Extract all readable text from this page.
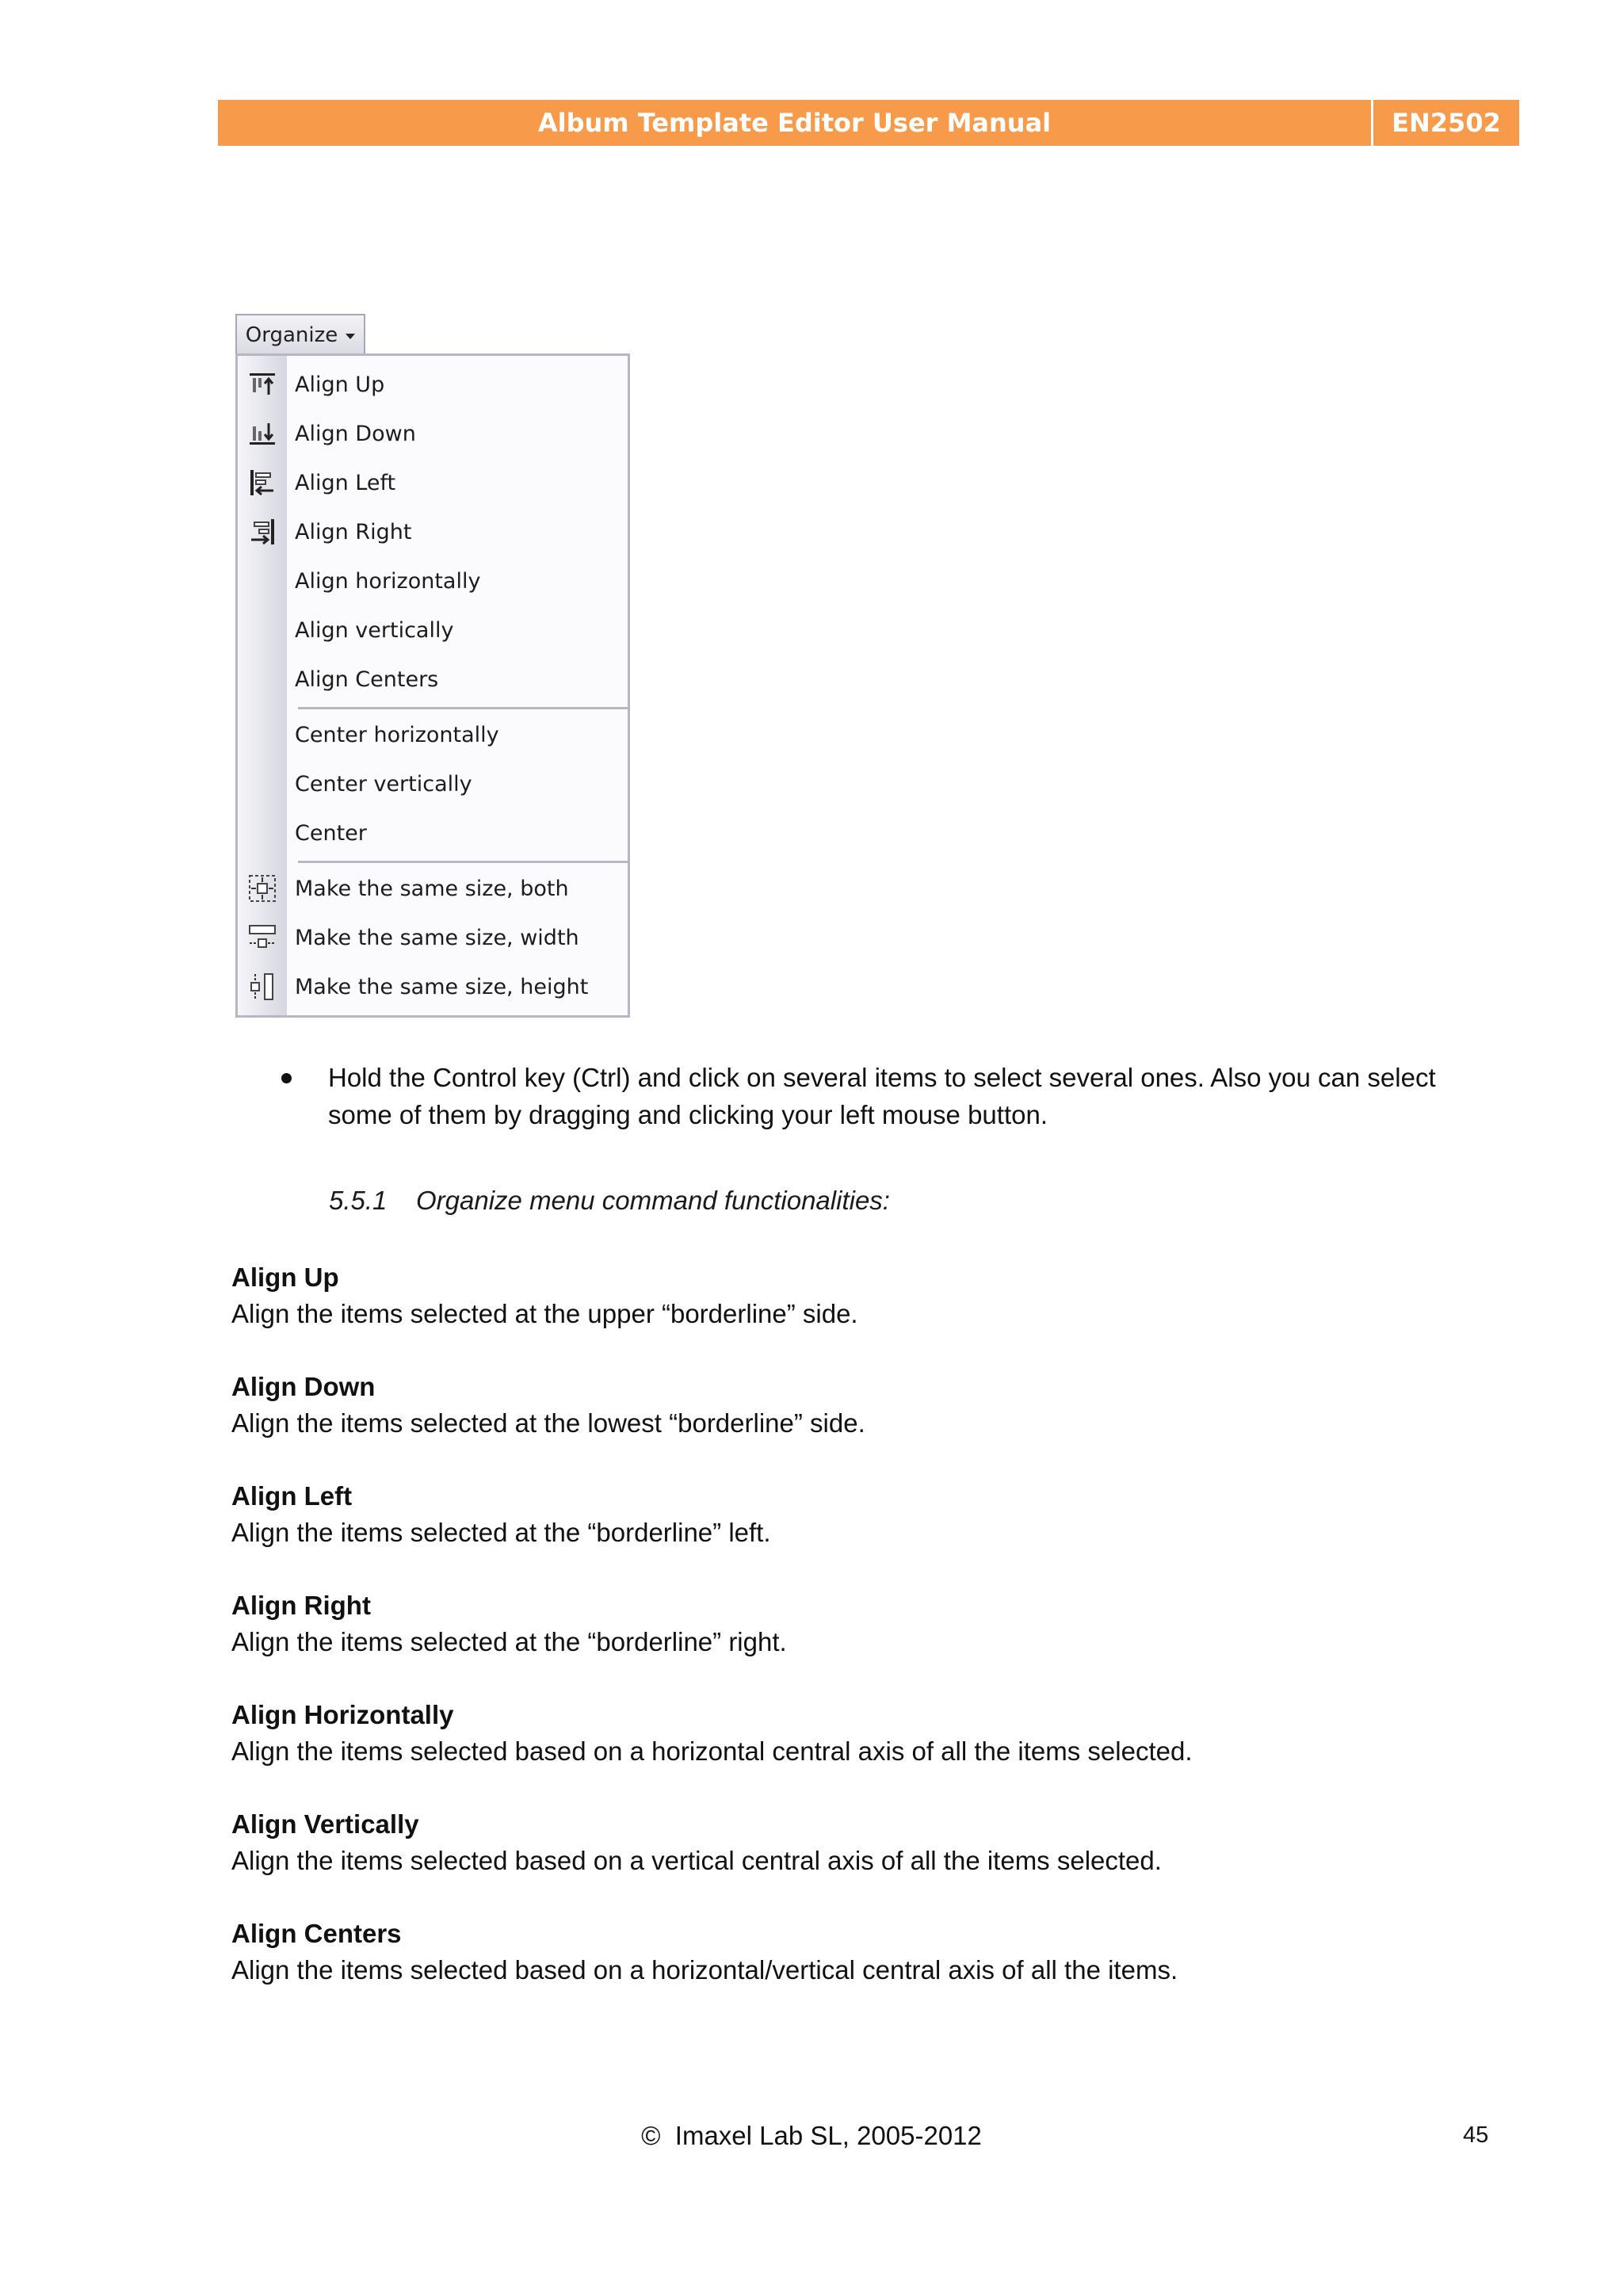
Album Template Editor User Manual	EN2502
Organize
Align Up
Align Down
Align Left
Align Right
Align horizontally
Align vertically
Align Centers
Center horizontally
Center vertically
Center
Make the same size, both
Make the same size, width
Make the same size, height
Hold the Control key (Ctrl) and click on several items to select several ones. Also you can select some of them by dragging and clicking your left mouse button.
5.5.1 Organize menu command functionalities:
Align Up
Align the items selected at the upper “borderline” side.
Align Down
Align the items selected at the lowest “borderline” side.
Align Left
Align the items selected at the “borderline” left.
Align Right
Align the items selected at the “borderline” right.
Align Horizontally
Align the items selected based on a horizontal central axis of all the items selected.
Align Vertically
Align the items selected based on a vertical central axis of all the items selected.
Align Centers
Align the items selected based on a horizontal/vertical central axis of all the items.
© Imaxel Lab SL, 2005-2012	45
